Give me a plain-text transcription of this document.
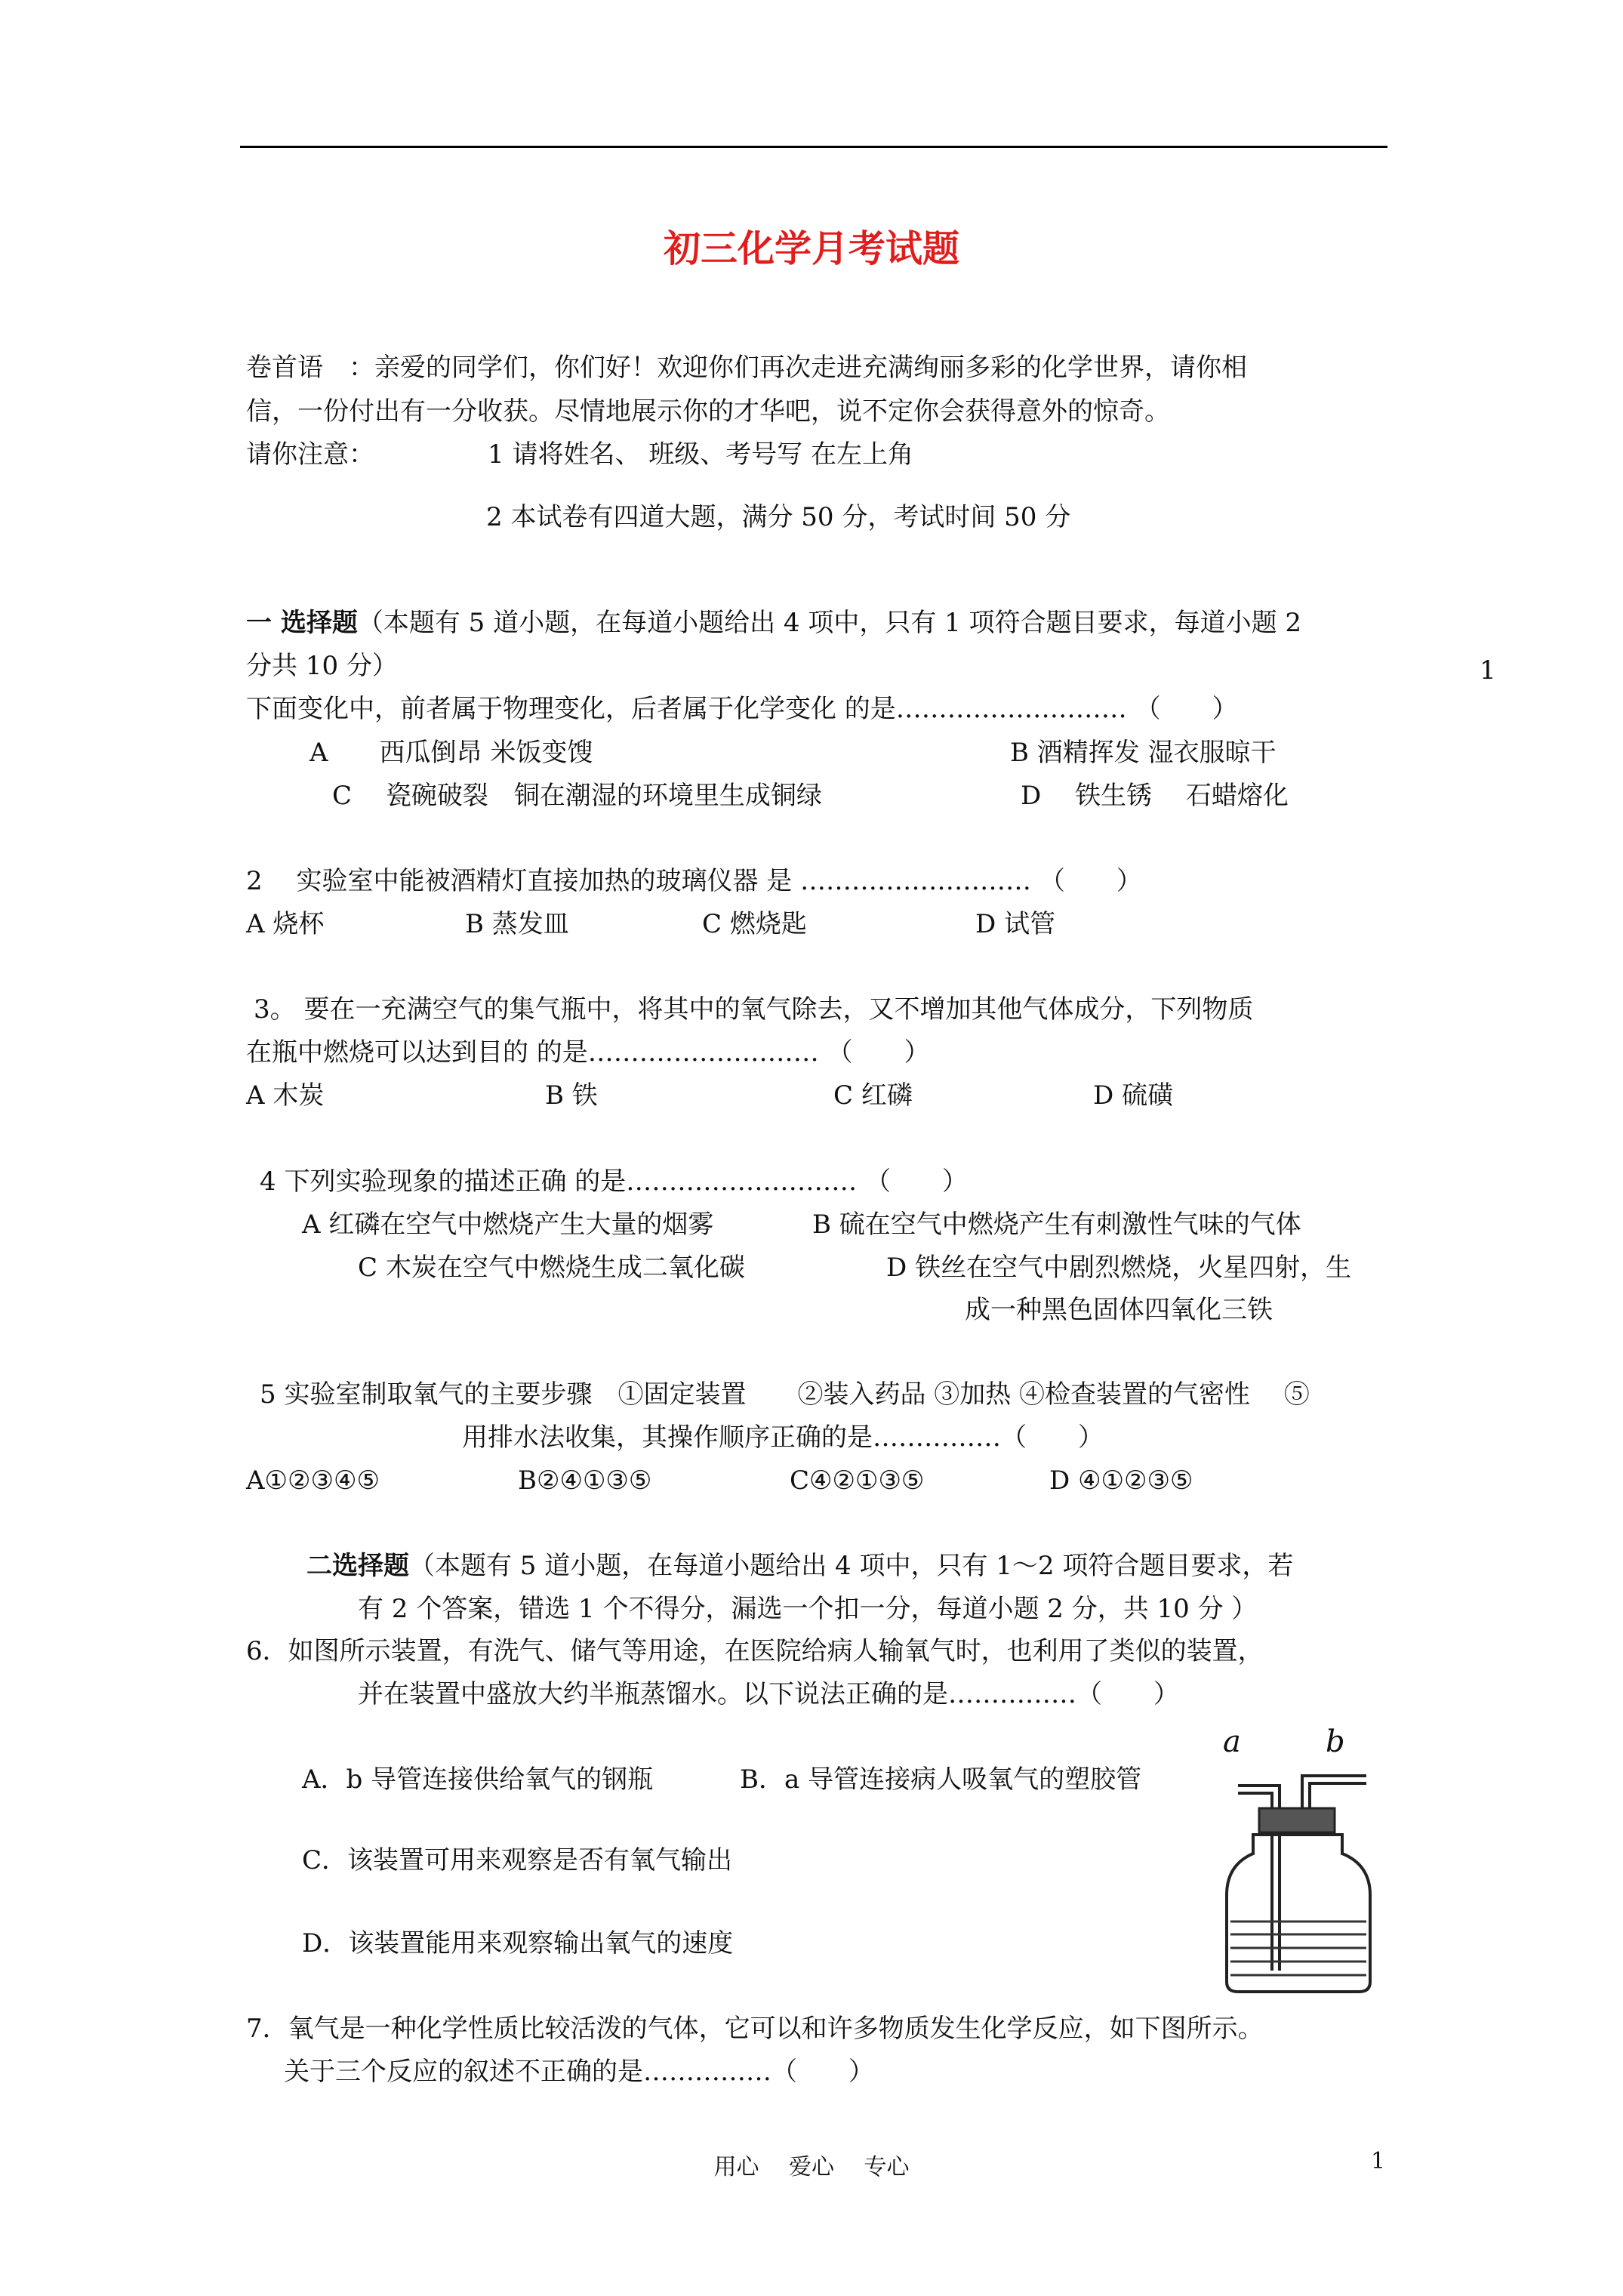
初三化学月考试题
卷首语　：亲爱的同学们，你们好！欢迎你们再次走进充满绚丽多彩的化学世界，请你相
信，一份付出有一分收获。尽情地展示你的才华吧，说不定你会获得意外的惊奇。
请你注意：	1 请将姓名、 班级、考号写 在左上角
2 本试卷有四道大题，满分 50 分，考试时间 50 分
一 选择题（本题有 5 道小题，在每道小题给出 4 项中，只有 1 项符合题目要求，每道小题 2
分共 10 分）	1
下面变化中，前者属于物理变化，后者属于化学变化 的是……………………… （　　）
A　　西瓜倒昂 米饭变馊	B 酒精挥发 湿衣服晾干
C　 瓷碗破裂　铜在潮湿的环境里生成铜绿	D　 铁生锈　 石蜡熔化
2　 实验室中能被酒精灯直接加热的玻璃仪器 是 ……………………… （　　）
A 烧杯	B 蒸发皿	C 燃烧匙	D 试管
3。 要在一充满空气的集气瓶中，将其中的氧气除去，又不增加其他气体成分，下列物质
在瓶中燃烧可以达到目的 的是……………………… （　　）
A 木炭	B 铁	C 红磷	D 硫磺
4 下列实验现象的描述正确 的是……………………… （　　）
A 红磷在空气中燃烧产生大量的烟雾	B 硫在空气中燃烧产生有刺激性气味的气体
C 木炭在空气中燃烧生成二氧化碳	D 铁丝在空气中剧烈燃烧，火星四射，生
成一种黑色固体四氧化三铁
5 实验室制取氧气的主要步骤　①固定装置　　②装入药品 ③加热 ④检查装置的气密性　 ⑤
用排水法收集，其操作顺序正确的是……………（　　）
A①②③④⑤	B②④①③⑤	C④②①③⑤	D ④①②③⑤
二选择题（本题有 5 道小题，在每道小题给出 4 项中，只有 1～2 项符合题目要求，若
有 2 个答案，错选 1 个不得分，漏选一个扣一分，每道小题 2 分，共 10 分 ）
6．如图所示装置，有洗气、储气等用途，在医院给病人输氧气时，也利用了类似的装置，
并在装置中盛放大约半瓶蒸馏水。以下说法正确的是……………（　　）
A．b 导管连接供给氧气的钢瓶	B．a 导管连接病人吸氧气的塑胶管
C．该装置可用来观察是否有氧气输出
D．该装置能用来观察输出氧气的速度
a	b
7．氧气是一种化学性质比较活泼的气体，它可以和许多物质发生化学反应，如下图所示。
关于三个反应的叙述不正确的是……………（　　）
用心 爱心 专心	1
